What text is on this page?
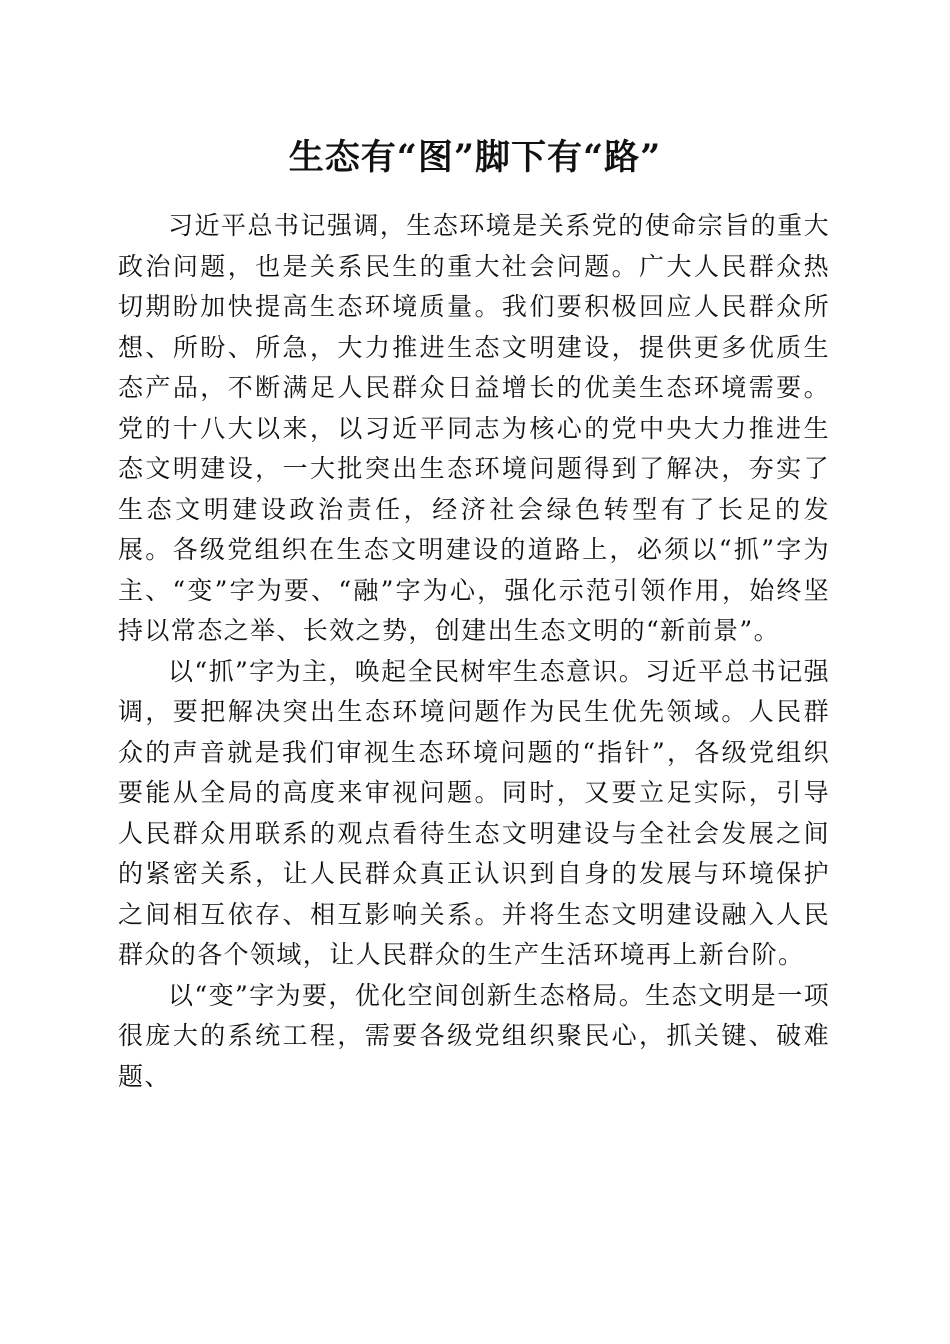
生态有“图”脚下有“路”

习近平总书记强调，生态环境是关系党的使命宗旨的重大政治问题，也是关系民生的重大社会问题。广大人民群众热切期盼加快提高生态环境质量。我们要积极回应人民群众所想、所盼、所急，大力推进生态文明建设，提供更多优质生态产品，不断满足人民群众日益增长的优美生态环境需要。党的十八大以来，以习近平同志为核心的党中央大力推进生态文明建设，一大批突出生态环境问题得到了解决，夯实了生态文明建设政治责任，经济社会绿色转型有了长足的发展。各级党组织在生态文明建设的道路上，必须以“抓”字为主、“变”字为要、“融”字为心，强化示范引领作用，始终坚持以常态之举、长效之势，创建出生态文明的“新前景”。

以“抓”字为主，唤起全民树牢生态意识。习近平总书记强调，要把解决突出生态环境问题作为民生优先领域。人民群众的声音就是我们审视生态环境问题的“指针”，各级党组织要能从全局的高度来审视问题。同时，又要立足实际，引导人民群众用联系的观点看待生态文明建设与全社会发展之间的紧密关系，让人民群众真正认识到自身的发展与环境保护之间相互依存、相互影响关系。并将生态文明建设融入人民群众的各个领域，让人民群众的生产生活环境再上新台阶。

以“变”字为要，优化空间创新生态格局。生态文明是一项很庞大的系统工程，需要各级党组织聚民心，抓关键、破难题、
